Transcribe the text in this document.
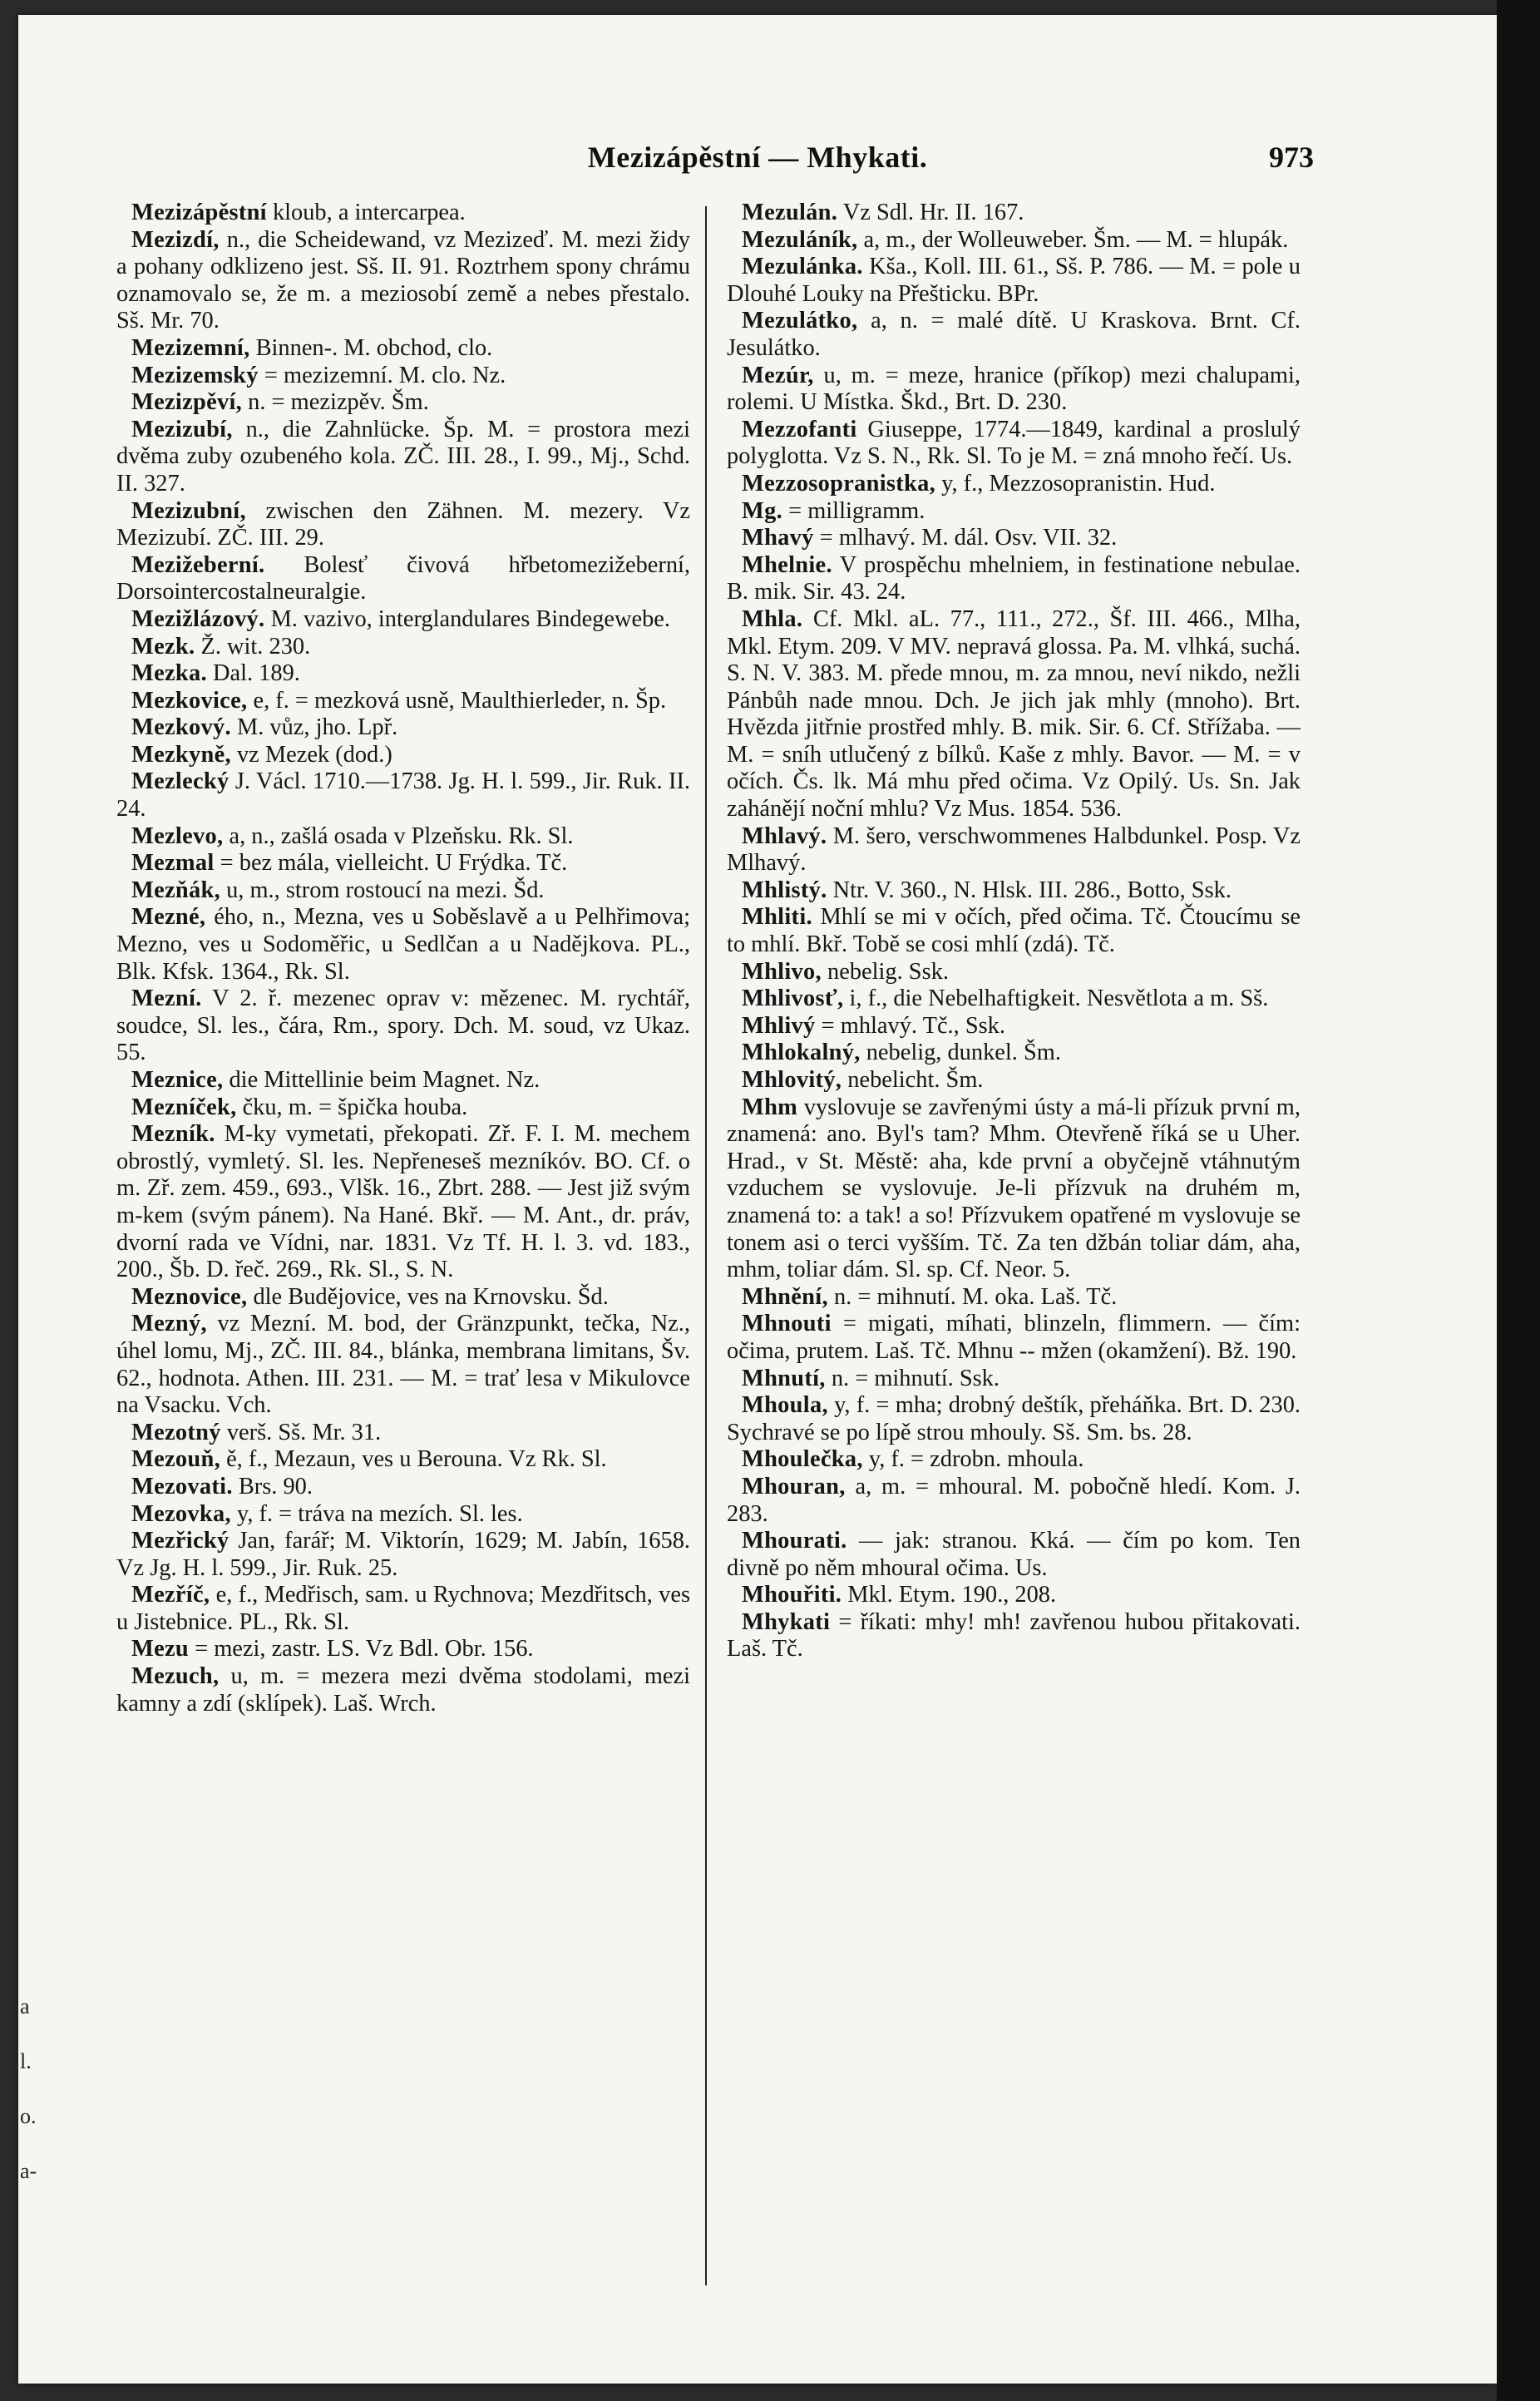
Mezizápěstní — Mhykati.	973

Mezizápěstní kloub, a intercarpea.

Mezizdí, n., die Scheidewand, vz Mezizeď. M. mezi židy a pohany odklizeno jest. Sš. II. 91. Roztrhem spony chrámu oznamovalo se, že m. a meziosobí země a nebes přestalo. Sš. Mr. 70.

Mezizemní, Binnen-. M. obchod, clo.

Mezizemský = mezizemní. M. clo. Nz.

Mezizpěví, n. = mezizpěv. Šm.

Mezizubí, n., die Zahnlücke. Šp. M. = prostora mezi dvěma zuby ozubeného kola. ZČ. III. 28., I. 99., Mj., Schd. II. 327.

Mezizubní, zwischen den Zähnen. M. mezery. Vz Mezizubí. ZČ. III. 29.

Mezižeberní. Bolesť čivová hřbetomezižeberní, Dorsointercostalneuralgie.

Mezižlázový. M. vazivo, interglandulares Bindegewebe.

Mezk. Ž. wit. 230.

Mezka. Dal. 189.

Mezkovice, e, f. = mezková usně, Maulthierleder, n. Šp.

Mezkový. M. vůz, jho. Lpř.

Mezkyně, vz Mezek (dod.)

Mezlecký J. Václ. 1710.—1738. Jg. H. l. 599., Jir. Ruk. II. 24.

Mezlevo, a, n., zašlá osada v Plzeňsku. Rk. Sl.

Mezmal = bez mála, vielleicht. U Frýdka. Tč.

Mezňák, u, m., strom rostoucí na mezi. Šd.

Mezné, ého, n., Mezna, ves u Soběslavě a u Pelhřimova; Mezno, ves u Sodoměřic, u Sedlčan a u Nadějkova. PL., Blk. Kfsk. 1364., Rk. Sl.

Mezní. V 2. ř. mezenec oprav v: mězenec. M. rychtář, soudce, Sl. les., čára, Rm., spory. Dch. M. soud, vz Ukaz. 55.

Meznice, die Mittellinie beim Magnet. Nz.

Mezníček, čku, m. = špička houba.

Mezník. M-ky vymetati, překopati. Zř. F. I. M. mechem obrostlý, vymletý. Sl. les. Nepřeneseš mezníkóv. BO. Cf. o m. Zř. zem. 459., 693., Vlšk. 16., Zbrt. 288. — Jest již svým m-kem (svým pánem). Na Hané. Bkř. — M. Ant., dr. práv, dvorní rada ve Vídni, nar. 1831. Vz Tf. H. l. 3. vd. 183., 200., Šb. D. řeč. 269., Rk. Sl., S. N.

Meznovice, dle Budějovice, ves na Krnovsku. Šd.

Mezný, vz Mezní. M. bod, der Gränzpunkt, tečka, Nz., úhel lomu, Mj., ZČ. III. 84., blánka, membrana limitans, Šv. 62., hodnota. Athen. III. 231. — M. = trať lesa v Mikulovce na Vsacku. Vch.

Mezotný verš. Sš. Mr. 31.

Mezouň, ě, f., Mezaun, ves u Berouna. Vz Rk. Sl.

Mezovati. Brs. 90.

Mezovka, y, f. = tráva na mezích. Sl. les.

Mezřický Jan, farář; M. Viktorín, 1629; M. Jabín, 1658. Vz Jg. H. l. 599., Jir. Ruk. 25.

Mezříč, e, f., Medřisch, sam. u Rychnova; Mezdřitsch, ves u Jistebnice. PL., Rk. Sl.

Mezu = mezi, zastr. LS. Vz Bdl. Obr. 156.

Mezuch, u, m. = mezera mezi dvěma stodolami, mezi kamny a zdí (sklípek). Laš. Wrch.

Mezulán. Vz Sdl. Hr. II. 167.

Mezuláník, a, m., der Wolleuweber. Šm. — M. = hlupák.

Mezulánka. Kša., Koll. III. 61., Sš. P. 786. — M. = pole u Dlouhé Louky na Přešticku. BPr.

Mezulátko, a, n. = malé dítě. U Kraskova. Brnt. Cf. Jesulátko.

Mezúr, u, m. = meze, hranice (příkop) mezi chalupami, rolemi. U Místka. Škd., Brt. D. 230.

Mezzofanti Giuseppe, 1774.—1849, kardinal a proslulý polyglotta. Vz S. N., Rk. Sl. To je M. = zná mnoho řečí. Us.

Mezzosopranistka, y, f., Mezzosopranistin. Hud.

Mg. = milligramm.

Mhavý = mlhavý. M. dál. Osv. VII. 32.

Mhelnie. V prospěchu mhelniem, in festinatione nebulae. B. mik. Sir. 43. 24.

Mhla. Cf. Mkl. aL. 77., 111., 272., Šf. III. 466., Mlha, Mkl. Etym. 209. V MV. nepravá glossa. Pa. M. vlhká, suchá. S. N. V. 383. M. přede mnou, m. za mnou, neví nikdo, nežli Pánbůh nade mnou. Dch. Je jich jak mhly (mnoho). Brt. Hvězda jitřnie prostřed mhly. B. mik. Sir. 6. Cf. Střížaba. — M. = sníh utlučený z bílků. Kaše z mhly. Bavor. — M. = v očích. Čs. lk. Má mhu před očima. Vz Opilý. Us. Sn. Jak zahánějí noční mhlu? Vz Mus. 1854. 536.

Mhlavý. M. šero, verschwommenes Halbdunkel. Posp. Vz Mlhavý.

Mhlistý. Ntr. V. 360., N. Hlsk. III. 286., Botto, Ssk.

Mhliti. Mhlí se mi v očích, před očima. Tč. Čtoucímu se to mhlí. Bkř. Tobě se cosi mhlí (zdá). Tč.

Mhlivo, nebelig. Ssk.

Mhlivosť, i, f., die Nebelhaftigkeit. Nesvětlota a m. Sš.

Mhlivý = mhlavý. Tč., Ssk.

Mhlokalný, nebelig, dunkel. Šm.

Mhlovitý, nebelicht. Šm.

Mhm vyslovuje se zavřenými ústy a má-li přízuk první m, znamená: ano. Byl's tam? Mhm. Otevřeně říká se u Uher. Hrad., v St. Městě: aha, kde první a obyčejně vtáhnutým vzduchem se vyslovuje. Je-li přízvuk na druhém m, znamená to: a tak! a so! Přízvukem opatřené m vyslovuje se tonem asi o terci vyšším. Tč. Za ten džbán toliar dám, aha, mhm, toliar dám. Sl. sp. Cf. Neor. 5.

Mhnění, n. = mihnutí. M. oka. Laš. Tč.

Mhnouti = migati, míhati, blinzeln, flimmern. — čím: očima, prutem. Laš. Tč. Mhnu -- mžen (okamžení). Bž. 190.

Mhnutí, n. = mihnutí. Ssk.

Mhoula, y, f. = mha; drobný deštík, přeháňka. Brt. D. 230. Sychravé se po lípě strou mhouly. Sš. Sm. bs. 28.

Mhoulečka, y, f. = zdrobn. mhoula.

Mhouran, a, m. = mhoural. M. pobočně hledí. Kom. J. 283.

Mhourati. — jak: stranou. Kká. — čím po kom. Ten divně po něm mhoural očima. Us.

Mhouřiti. Mkl. Etym. 190., 208.

Mhykati = říkati: mhy! mh! zavřenou hubou přitakovati. Laš. Tč.

a
l.
o.
a-
